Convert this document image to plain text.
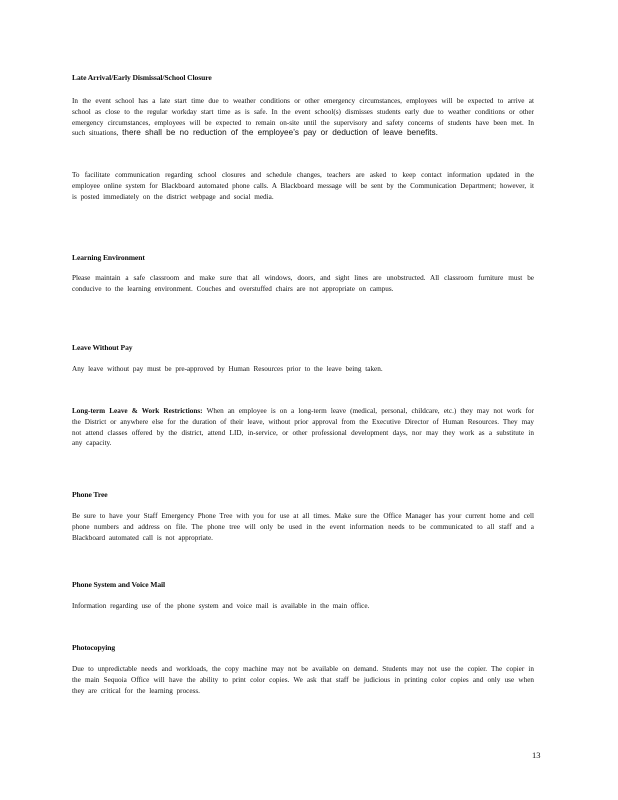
Late Arrival/Early Dismissal/School Closure

In the event school has a late start time due to weather conditions or other emergency circumstances, employees will be expected to arrive at school as close to the regular workday start time as is safe. In the event school(s) dismisses students early due to weather conditions or other emergency circumstances, employees will be expected to remain on-site until the supervisory and safety concerns of students have been met. In such situations, there shall be no reduction of the employee’s pay or deduction of leave benefits.

To facilitate communication regarding school closures and schedule changes, teachers are asked to keep contact information updated in the employee online system for Blackboard automated phone calls. A Blackboard message will be sent by the Communication Department; however, it is posted immediately on the district webpage and social media.

Learning Environment

Please maintain a safe classroom and make sure that all windows, doors, and sight lines are unobstructed. All classroom furniture must be conducive to the learning environment. Couches and overstuffed chairs are not appropriate on campus.

Leave Without Pay

Any leave without pay must be pre-approved by Human Resources prior to the leave being taken.

Long-term Leave & Work Restrictions: When an employee is on a long-term leave (medical, personal, childcare, etc.) they may not work for the District or anywhere else for the duration of their leave, without prior approval from the Executive Director of Human Resources. They may not attend classes offered by the district, attend LID, in-service, or other professional development days, nor may they work as a substitute in any capacity.

Phone Tree

Be sure to have your Staff Emergency Phone Tree with you for use at all times. Make sure the Office Manager has your current home and cell phone numbers and address on file. The phone tree will only be used in the event information needs to be communicated to all staff and a Blackboard automated call is not appropriate.

Phone System and Voice Mail

Information regarding use of the phone system and voice mail is available in the main office.

Photocopying

Due to unpredictable needs and workloads, the copy machine may not be available on demand. Students may not use the copier. The copier in the main Sequoia Office will have the ability to print color copies. We ask that staff be judicious in printing color copies and only use when they are critical for the learning process.

13
